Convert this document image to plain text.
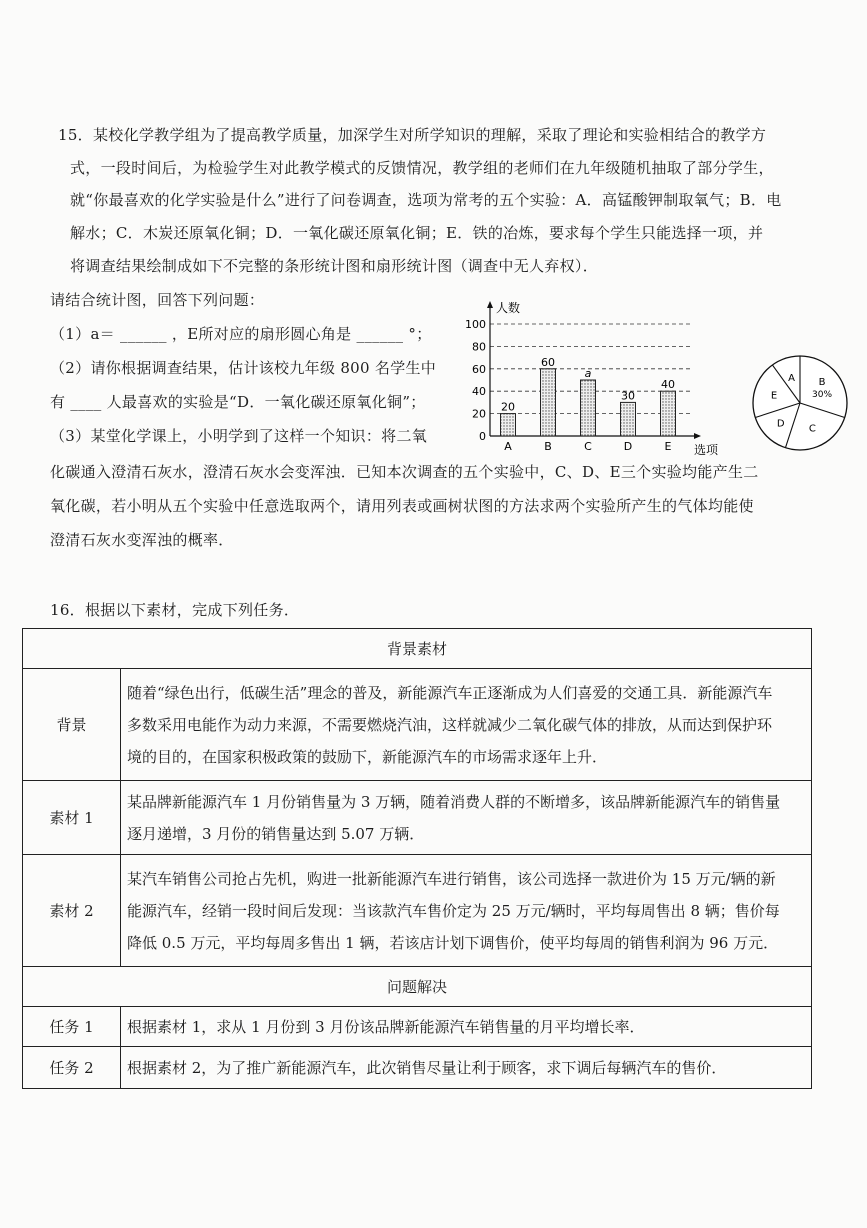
15．某校化学教学组为了提高教学质量，加深学生对所学知识的理解，采取了理论和实验相结合的教学方
式，一段时间后，为检验学生对此教学模式的反馈情况，教学组的老师们在九年级随机抽取了部分学生，
就“你最喜欢的化学实验是什么”进行了问卷调查，选项为常考的五个实验：A．高锰酸钾制取氧气；B．电
解水；C．木炭还原氧化铜；D．一氧化碳还原氧化铜；E．铁的冶炼，要求每个学生只能选择一项，并
将调查结果绘制成如下不完整的条形统计图和扇形统计图（调查中无人弃权）．
请结合统计图，回答下列问题：
（1）a＝ ______ ，E所对应的扇形圆心角是 ______ °；
（2）请你根据调查结果，估计该校九年级 800 名学生中
有 ____ 人最喜欢的实验是“D．一氧化碳还原氧化铜”；
（3）某堂化学课上，小明学到了这样一个知识：将二氧
化碳通入澄清石灰水，澄清石灰水会变浑浊．已知本次调查的五个实验中，C、D、E三个实验均能产生二
氧化碳，若小明从五个实验中任意选取两个，请用列表或画树状图的方法求两个实验所产生的气体均能使
澄清石灰水变浑浊的概率．
0
20
40
60
80
100
人数
选项
20
A
60
B
a
C
30
D
40
E
A B
30%
C
D
E
16．根据以下素材，完成下列任务．
背景素材	
背景	随着“绿色出行，低碳生活”理念的普及，新能源汽车正逐渐成为人们喜爱的交通工具．新能源汽车
多数采用电能作为动力来源，不需要燃烧汽油，这样就减少二氧化碳气体的排放，从而达到保护环
境的目的，在国家积极政策的鼓励下，新能源汽车的市场需求逐年上升．

素材 1	某品牌新能源汽车 1 月份销售量为 3 万辆，随着消费人群的不断增多，该品牌新能源汽车的销售量
逐月递增，3 月份的销售量达到 5.07 万辆．

素材 2	某汽车销售公司抢占先机，购进一批新能源汽车进行销售，该公司选择一款进价为 15 万元/辆的新
能源汽车，经销一段时间后发现：当该款汽车售价定为 25 万元/辆时，平均每周售出 8 辆；售价每
降低 0.5 万元，平均每周多售出 1 辆，若该店计划下调售价，使平均每周的销售利润为 96 万元．

问题解决	
任务 1	根据素材 1，求从 1 月份到 3 月份该品牌新能源汽车销售量的月平均增长率．
任务 2	根据素材 2，为了推广新能源汽车，此次销售尽量让利于顾客，求下调后每辆汽车的售价．
